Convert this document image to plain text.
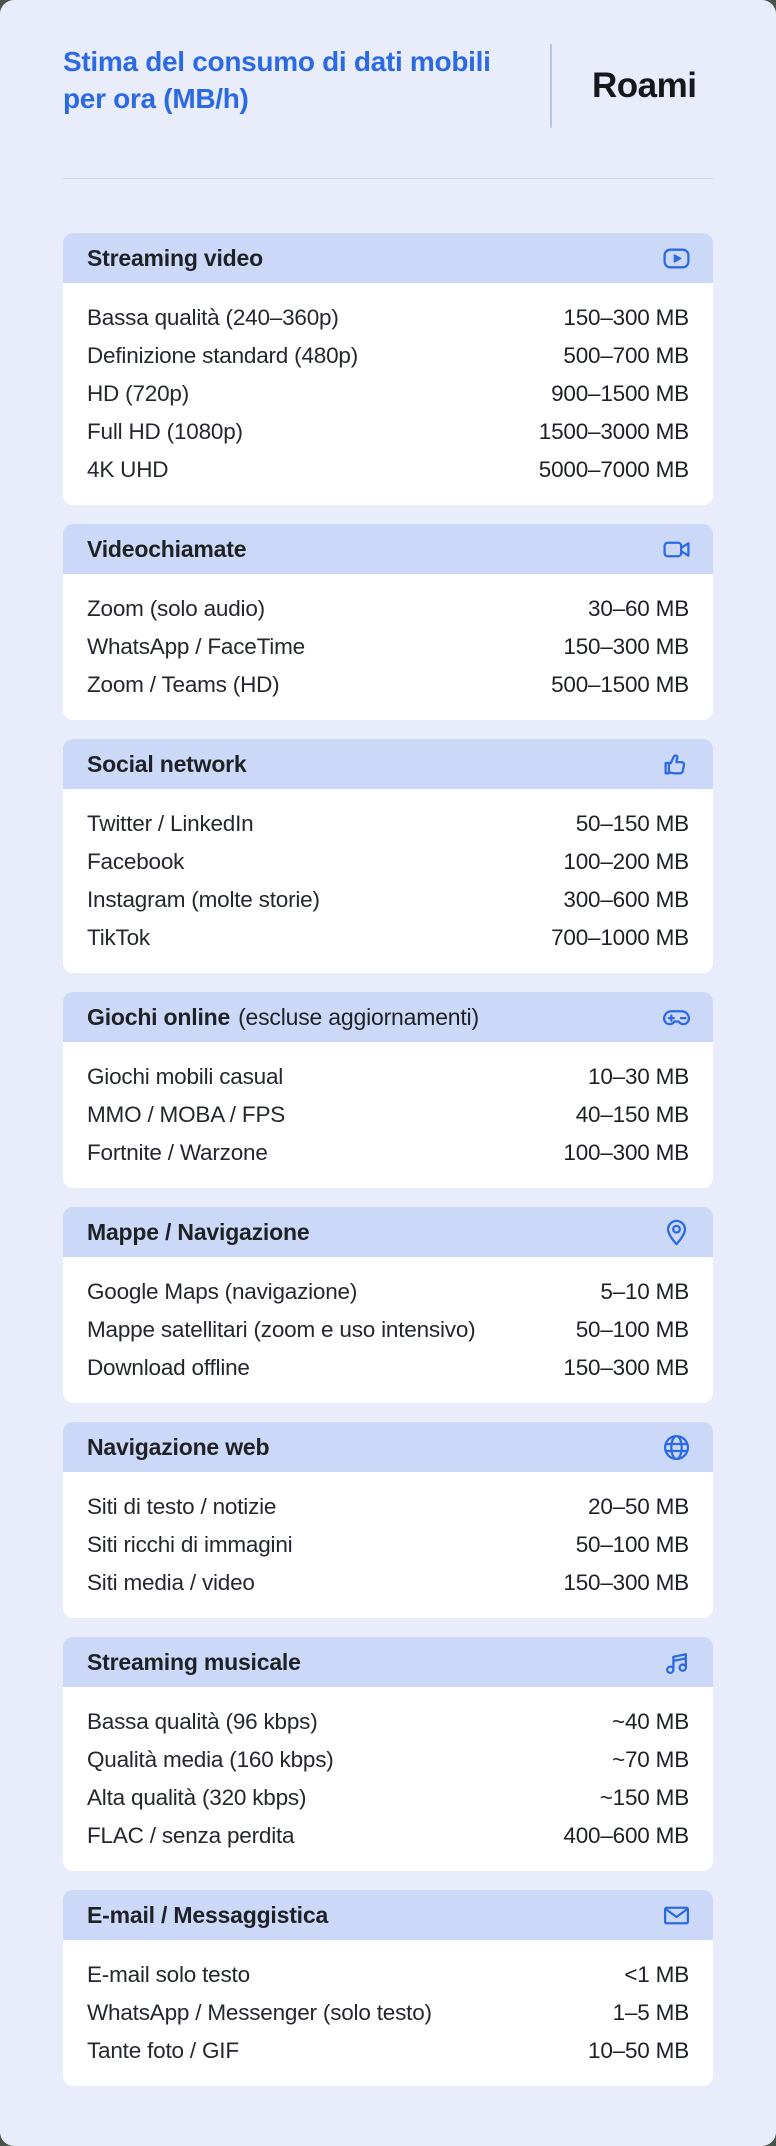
Stima del consumo di dati mobili per ora (MB/h)	Roami
Streaming video
Bassa qualità (240–360p)	150–300 MB
Definizione standard (480p)	500–700 MB
HD (720p)	900–1500 MB
Full HD (1080p)	1500–3000 MB
4K UHD	5000–7000 MB
Videochiamate
Zoom (solo audio)	30–60 MB
WhatsApp / FaceTime	150–300 MB
Zoom / Teams (HD)	500–1500 MB
Social network
Twitter / LinkedIn	50–150 MB
Facebook	100–200 MB
Instagram (molte storie)	300–600 MB
TikTok	700–1000 MB
Giochi online (escluse aggiornamenti)
Giochi mobili casual	10–30 MB
MMO / MOBA / FPS	40–150 MB
Fortnite / Warzone	100–300 MB
Mappe / Navigazione
Google Maps (navigazione)	5–10 MB
Mappe satellitari (zoom e uso intensivo)	50–100 MB
Download offline	150–300 MB
Navigazione web
Siti di testo / notizie	20–50 MB
Siti ricchi di immagini	50–100 MB
Siti media / video	150–300 MB
Streaming musicale
Bassa qualità (96 kbps)	~40 MB
Qualità media (160 kbps)	~70 MB
Alta qualità (320 kbps)	~150 MB
FLAC / senza perdita	400–600 MB
E-mail / Messaggistica
E-mail solo testo	<1 MB
WhatsApp / Messenger (solo testo)	1–5 MB
Tante foto / GIF	10–50 MB
